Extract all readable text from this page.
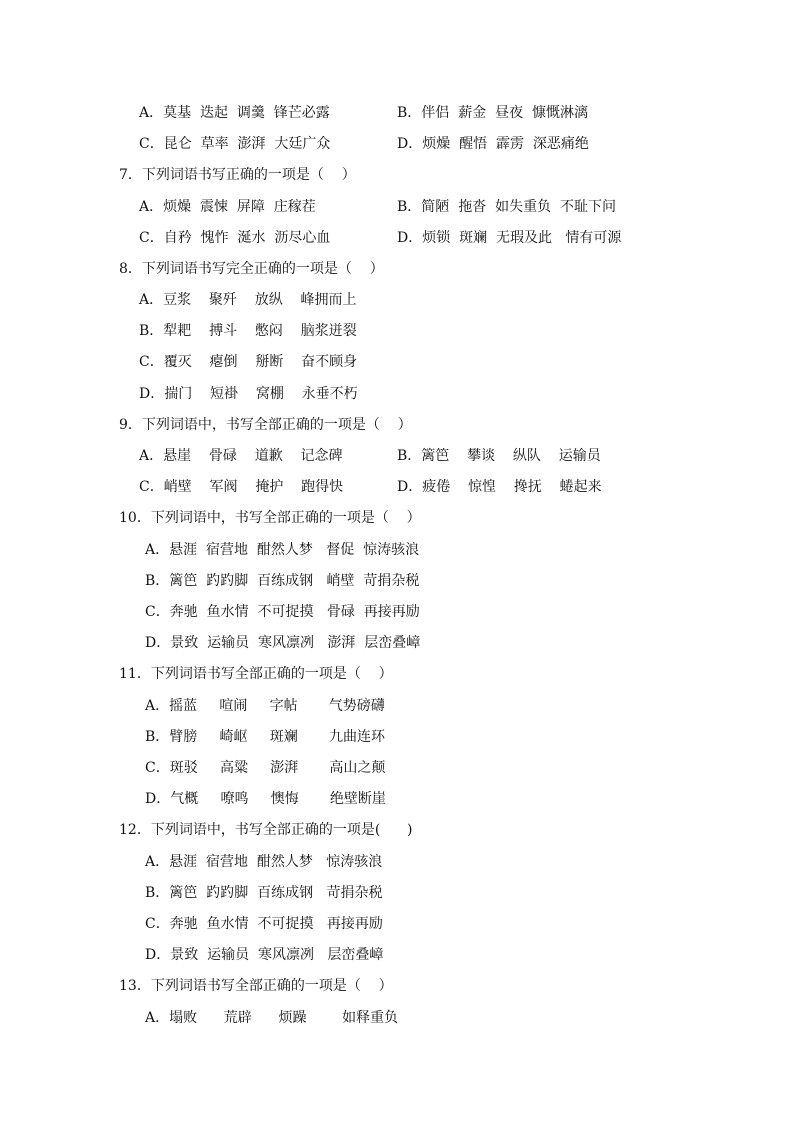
A．莫基  迭起  调羹  锋芒必露	B．伴侣  薪金  昼夜  慷慨淋漓
C．昆仑  草率  澎湃  大廷广众	D．烦燥  醒悟  霹雳  深恶痛绝
7．下列词语书写正确的一项是（    ）
A．烦燥  震悚  屏障  庄稼茬	B．简陋  拖沓  如失重负  不耻下问
C．自矜  愧怍  涎水  沥尽心血	D．烦锁  斑斓  无瑕及此   情有可源
8．下列词语书写完全正确的一项是（    ）
A．豆浆    聚歼    放纵    峰拥而上
B．犁耙    搏斗    憋闷    脑浆迸裂
C．覆灭    瘪倒    掰断    奋不顾身
D．揣门    短褂    窝棚    永垂不朽
9．下列词语中，书写全部正确的一项是（    ）
A．悬崖    骨碌    道歉    记念碑	B．篱笆    攀谈    纵队    运输员
C．峭壁    军阀    掩护    跑得快	D．疲倦    惊惶    搀抚    蜷起来
10．下列词语中，书写全部正确的一项是（    ）
A．悬涯  宿营地  酣然人梦   督促  惊涛骇浪
B．篱笆  趵趵脚  百练成钢   峭壁  苛捐杂税
C．奔驰  鱼水情  不可捉摸   骨碌  再接再励
D．景致  运输员  寒风凛冽   澎湃  层峦叠嶂
11．下列词语书写全部正确的一项是（    ）
A．摇蓝     喧闹     字帖       气势磅礴
B．臂膀     崎岖     斑斓       九曲连环
C．斑驳     高粱     澎湃       高山之颠
D．气概     嘹鸣     懊悔       绝壁断崖
12．下列词语中，书写全部正确的一项是(      )
A．悬涯  宿营地  酣然人梦   惊涛骇浪
B．篱笆  趵趵脚  百练成钢   苛捐杂税
C．奔驰  鱼水情  不可捉摸   再接再励
D．景致  运输员  寒风凛冽   层峦叠嶂
13．下列词语书写全部正确的一项是（    ）
A．塌败      荒辟      烦躁        如释重负
